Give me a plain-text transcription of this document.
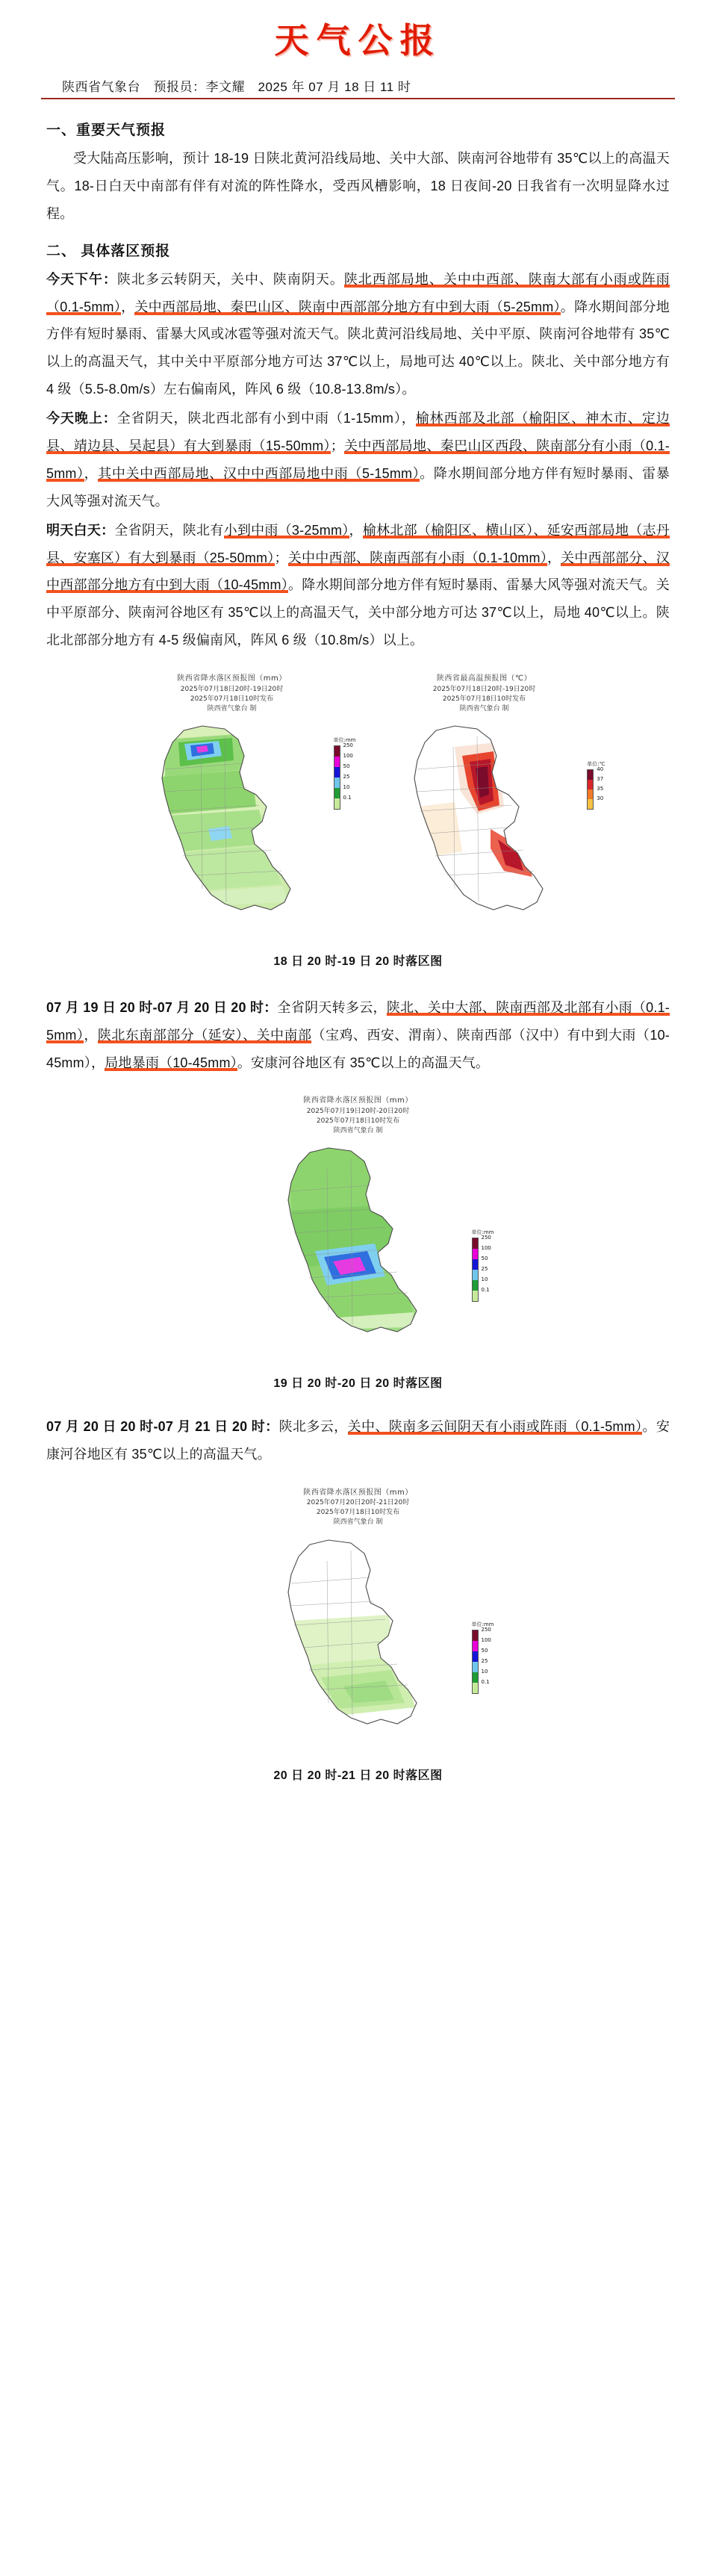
天气公报
陕西省气象台　预报员：李文耀　2025 年 07 月 18 日 11 时
一、重要天气预报

受大陆高压影响，预计 18-19 日陕北黄河沿线局地、关中大部、陕南河谷地带有 35℃以上的高温天气。18-日白天中南部有伴有对流的阵性降水，受西风槽影响，18 日夜间-20 日我省有一次明显降水过程。

二、 具体落区预报

今天下午：陕北多云转阴天，关中、陕南阴天。陕北西部局地、关中中西部、陕南大部有小雨或阵雨（0.1-5mm），关中西部局地、秦巴山区、陕南中西部部分地方有中到大雨（5-25mm）。降水期间部分地方伴有短时暴雨、雷暴大风或冰雹等强对流天气。陕北黄河沿线局地、关中平原、陕南河谷地带有 35℃以上的高温天气，其中关中平原部分地方可达 37℃以上，局地可达 40℃以上。陕北、关中部分地方有 4 级（5.5-8.0m/s）左右偏南风，阵风 6 级（10.8-13.8m/s）。

今天晚上：全省阴天，陕北西北部有小到中雨（1-15mm），榆林西部及北部（榆阳区、神木市、定边县、靖边县、吴起县）有大到暴雨（15-50mm）；关中西部局地、秦巴山区西段、陕南部分有小雨（0.1-5mm），其中关中西部局地、汉中中西部局地中雨（5-15mm）。降水期间部分地方伴有短时暴雨、雷暴大风等强对流天气。

明天白天：全省阴天，陕北有小到中雨（3-25mm），榆林北部（榆阳区、横山区）、延安西部局地（志丹县、安塞区）有大到暴雨（25-50mm）；关中中西部、陕南西部有小雨（0.1-10mm），关中西部部分、汉中西部部分地方有中到大雨（10-45mm）。降水期间部分地方伴有短时暴雨、雷暴大风等强对流天气。关中平原部分、陕南河谷地区有 35℃以上的高温天气，关中部分地方可达 37℃以上，局地 40℃以上。陕北北部部分地方有 4-5 级偏南风，阵风 6 级（10.8m/s）以上。

陕西省降水落区预报图（mm）
2025年07月18日20时-19日20时
2025年07月18日10时发布
陕西省气象台 制
单位:mm
250
100
50
25
10
0.1
陕西省最高温预报图（℃）
2025年07月18日20时-19日20时
2025年07月18日10时发布
陕西省气象台 制
单位:℃
40
37
35
30
18 日 20 时-19 日 20 时落区图

07 月 19 日 20 时-07 月 20 日 20 时：全省阴天转多云，陕北、关中大部、陕南西部及北部有小雨（0.1-5mm），陕北东南部部分（延安）、关中南部（宝鸡、西安、渭南）、陕南西部（汉中）有中到大雨（10-45mm），局地暴雨（10-45mm）。安康河谷地区有 35℃以上的高温天气。

陕西省降水落区预报图（mm）
2025年07月19日20时-20日20时
2025年07月18日10时发布
陕西省气象台 制
单位:mm
250
100
50
25
10
0.1
19 日 20 时-20 日 20 时落区图

07 月 20 日 20 时-07 月 21 日 20 时：陕北多云，关中、陕南多云间阴天有小雨或阵雨（0.1-5mm）。安康河谷地区有 35℃以上的高温天气。

陕西省降水落区预报图（mm）
2025年07月20日20时-21日20时
2025年07月18日10时发布
陕西省气象台 制
单位:mm
250
100
50
25
10
0.1
20 日 20 时-21 日 20 时落区图
